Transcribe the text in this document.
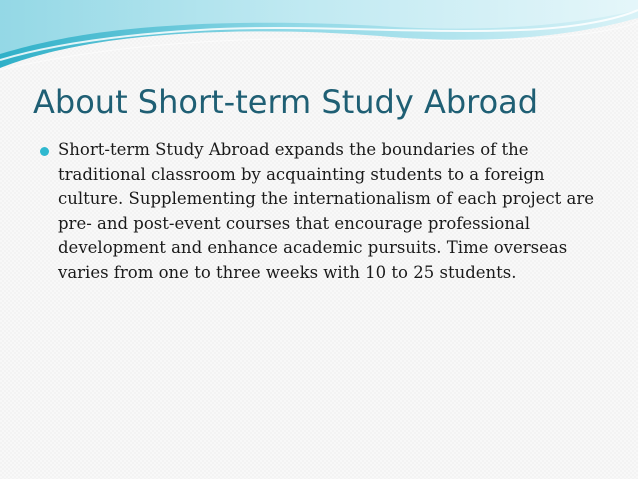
About Short-term Study Abroad
Short-term Study Abroad expands the boundaries of the traditional classroom by acquainting students to a foreign culture. Supplementing the internationalism of each project are pre- and post-event courses that encourage professional development and enhance academic pursuits. Time overseas varies from one to three weeks with 10 to 25 students.
